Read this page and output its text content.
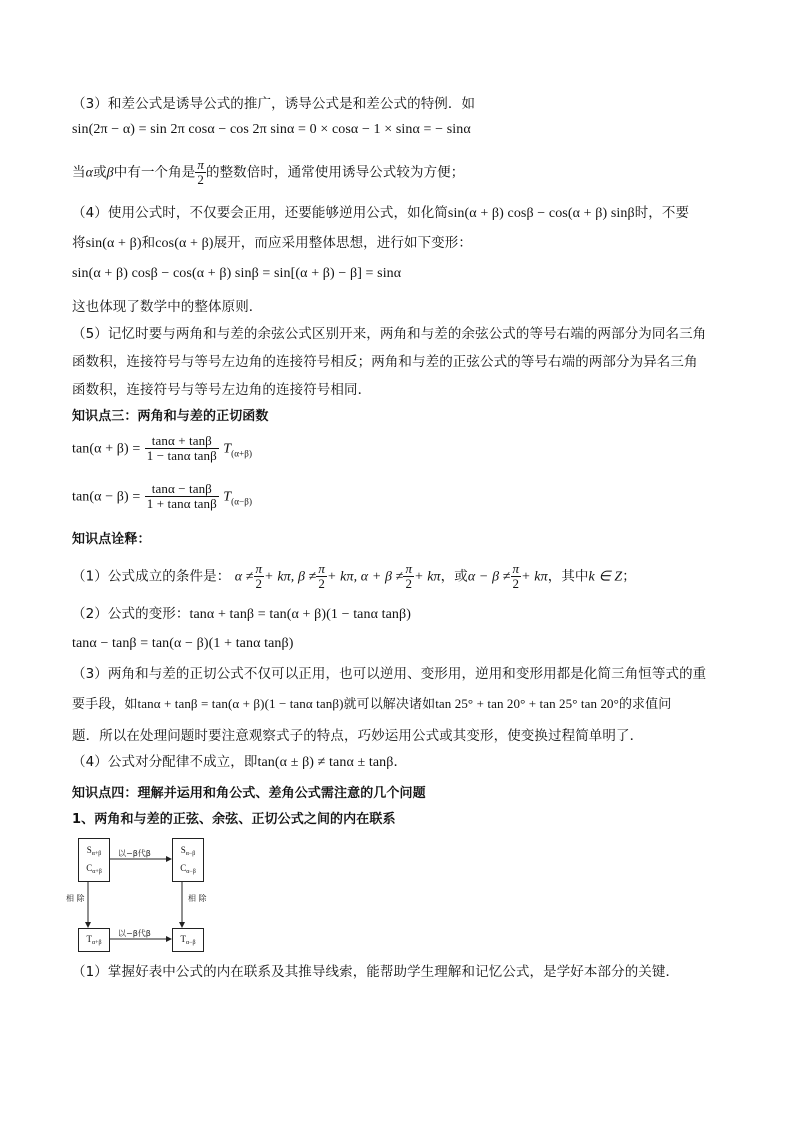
（3）和差公式是诱导公式的推广，诱导公式是和差公式的特例．如
sin(2π − α) = sin 2π cosα − cos 2π sinα = 0 × cosα − 1 × sinα = − sinα
当α或β中有一个角是 $\frac{\pi}{2}$ 的整数倍时，通常使用诱导公式较为方便；
（4）使用公式时，不仅要会正用，还要能够逆用公式，如化简sin(α + β) cosβ − cos(α + β) sinβ时，不要
将sin(α + β)和cos(α + β)展开，而应采用整体思想，进行如下变形：
sin(α + β) cosβ − cos(α + β) sinβ = sin[(α + β) − β] = sinα
这也体现了数学中的整体原则．
（5）记忆时要与两角和与差的余弦公式区别开来，两角和与差的余弦公式的等号右端的两部分为同名三角
函数积，连接符号与等号左边角的连接符号相反；两角和与差的正弦公式的等号右端的两部分为异名三角
函数积，连接符号与等号左边角的连接符号相同．
知识点三：两角和与差的正切函数
$\tan(\alpha + \beta) = \frac{\tan\alpha + \tan\beta}{\text{1 − tanα tanβ}} T_{(\alpha+\beta)}$
$\tan(\alpha - \beta) = \frac{\tan\alpha - \tan\beta}{\text{1 + tanα tanβ}} T_{(\alpha-\beta)}$
知识点诠释：
（1）公式成立的条件是： $\alpha \ne \frac{\pi}{2} + k\pi$, $\beta \ne \frac{\pi}{2} + k\pi$, $\alpha + \beta \ne \frac{\pi}{2} + k\pi$，或$\alpha - \beta \ne \frac{\pi}{2} + k\pi$，其中k ∈ Z；
（2）公式的变形：tanα + tanβ = tan(α + β)(1 − tanα tanβ)
tanα − tanβ = tan(α − β)(1 + tanα tanβ)
（3）两角和与差的正切公式不仅可以正用，也可以逆用、变形用，逆用和变形用都是化简三角恒等式的重
要手段，如tanα + tanβ = tan(α + β)(1 − tanα tanβ)就可以解决诸如tan 25° + tan 20° + tan 25° tan 20°的求值问
题．所以在处理问题时要注意观察式子的特点，巧妙运用公式或其变形，使变换过程简单明了．
（4）公式对分配律不成立，即tan(α ± β) ≠ tanα ± tanβ．
知识点四：理解并运用和角公式、差角公式需注意的几个问题
1、两角和与差的正弦、余弦、正切公式之间的内在联系
$S_{\alpha+\beta}$
$C_{\alpha+\beta}$
$S_{\alpha-\beta}$
$C_{\alpha-\beta}$
$T_{\alpha+\beta}$	$T_{\alpha-\beta}$
以−β代β
以−β代β
相 除	相 除
（1）掌握好表中公式的内在联系及其推导线索，能帮助学生理解和记忆公式，是学好本部分的关键．
